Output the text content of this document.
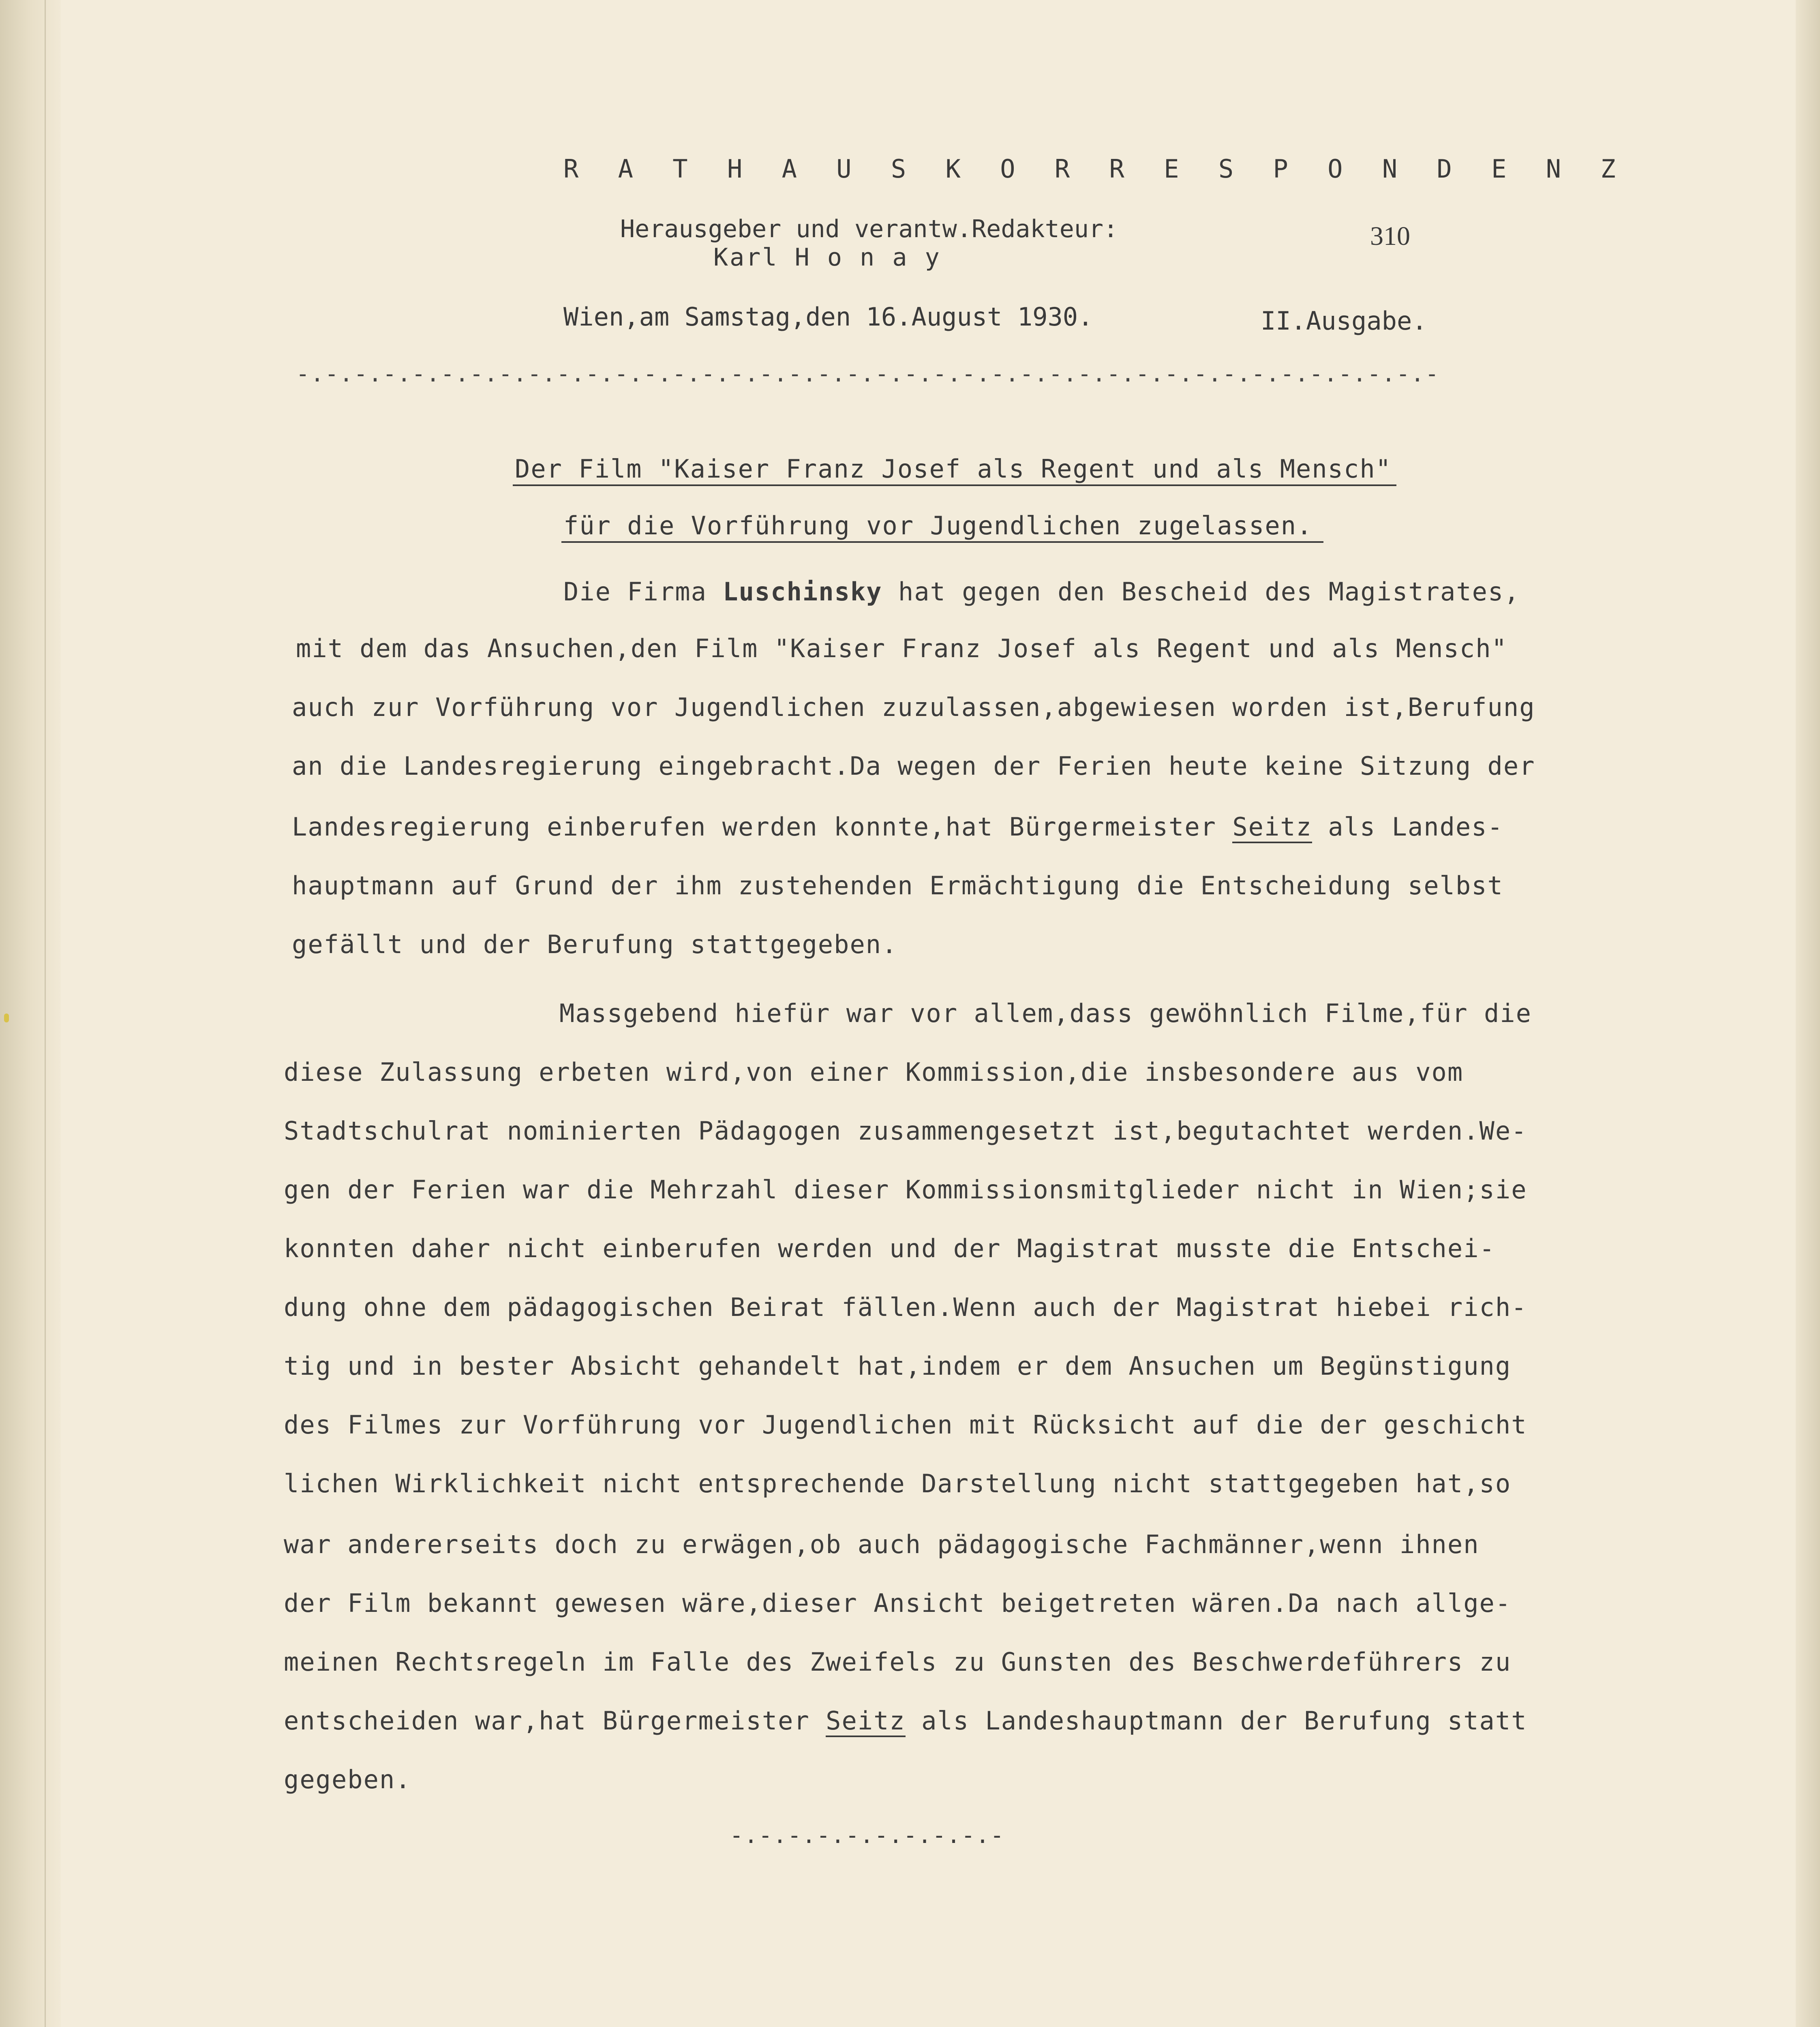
R A T H A U S K O R R E S P O N D E N Z
Herausgeber und verantw.Redakteur:
Karl H o n a y
310
Wien,am Samstag,den 16.August 1930.	II.Ausgabe.
-.-.-.-.-.-.-.-.-.-.-.-.-.-.-.-.-.-.-.-.-.-.-.-.-.-.-.-.-.-.-.-.-.-.-.-.-.-.-.-
Der Film "Kaiser Franz Josef als Regent und als Mensch"
für die Vorführung vor Jugendlichen zugelassen.
Die Firma Luschinsky hat gegen den Bescheid des Magistrates,
mit dem das Ansuchen,den Film "Kaiser Franz Josef als Regent und als Mensch"
auch zur Vorführung vor Jugendlichen zuzulassen,abgewiesen worden ist,Berufung
an die Landesregierung eingebracht.Da wegen der Ferien heute keine Sitzung der
Landesregierung einberufen werden konnte,hat Bürgermeister Seitz als Landes-
hauptmann auf Grund der ihm zustehenden Ermächtigung die Entscheidung selbst
gefällt und der Berufung stattgegeben.
Massgebend hiefür war vor allem,dass gewöhnlich Filme,für die
diese Zulassung erbeten wird,von einer Kommission,die insbesondere aus vom
Stadtschulrat nominierten Pädagogen zusammengesetzt ist,begutachtet werden.We-
gen der Ferien war die Mehrzahl dieser Kommissionsmitglieder nicht in Wien;sie
konnten daher nicht einberufen werden und der Magistrat musste die Entschei-
dung ohne dem pädagogischen Beirat fällen.Wenn auch der Magistrat hiebei rich-
tig und in bester Absicht gehandelt hat,indem er dem Ansuchen um Begünstigung
des Filmes zur Vorführung vor Jugendlichen mit Rücksicht auf die der geschicht
lichen Wirklichkeit nicht entsprechende Darstellung nicht stattgegeben hat,so
war andererseits doch zu erwägen,ob auch pädagogische Fachmänner,wenn ihnen
der Film bekannt gewesen wäre,dieser Ansicht beigetreten wären.Da nach allge-
meinen Rechtsregeln im Falle des Zweifels zu Gunsten des Beschwerdeführers zu
entscheiden war,hat Bürgermeister Seitz als Landeshauptmann der Berufung statt
gegeben.
-.-.-.-.-.-.-.-.-.-
